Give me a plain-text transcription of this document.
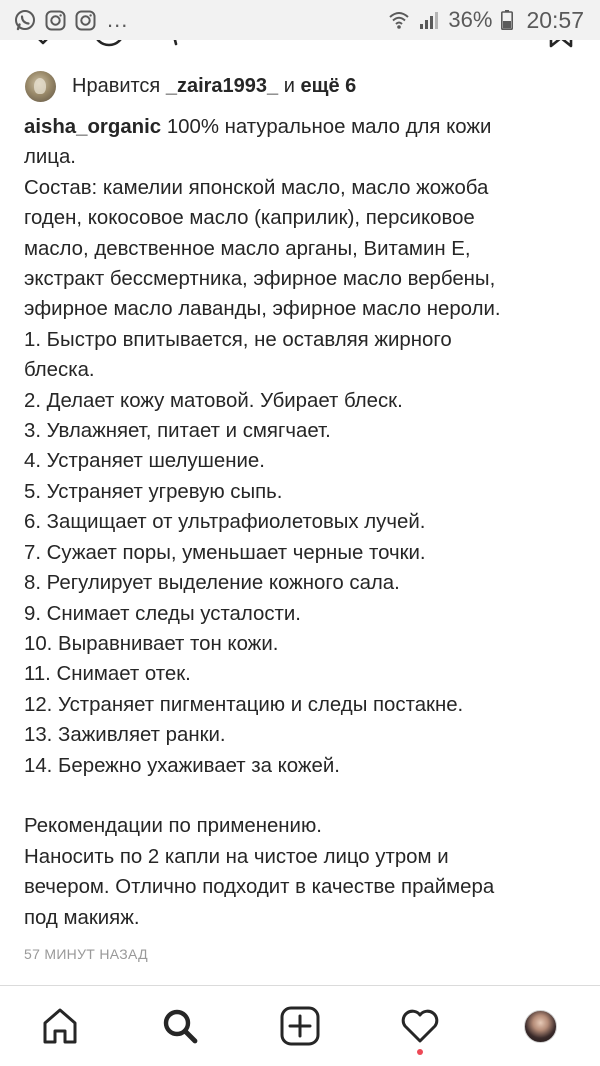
...	36% 20:57
Нравится
_zaira1993_
и
ещё 6
aisha_organic 100% натуральное мало для кожи
лица.
Состав: камелии японской масло, масло жожоба
годен, кокосовое масло (каприлик), персиковое
масло, девственное масло арганы, Витамин Е,
экстракт бессмертника, эфирное масло вербены,
эфирное масло лаванды, эфирное масло нероли.
1. Быстро впитывается, не оставляя жирного
блеска.
2. Делает кожу матовой. Убирает блеск.
3. Увлажняет, питает и смягчает.
4. Устраняет шелушение.
5. Устраняет угревую сыпь.
6. Защищает от ультрафиолетовых лучей.
7. Сужает поры, уменьшает черные точки.
8. Регулирует выделение кожного сала.
9. Снимает следы усталости.
10. Выравнивает тон кожи.
11. Снимает отек.
12. Устраняет пигментацию и следы постакне.
13. Заживляет ранки.
14. Бережно ухаживает за кожей.
Рекомендации по применению.
Наносить по 2 капли на чистое лицо утром и
вечером. Отлично подходит в качестве праймера
под макияж.
57 МИНУТ НАЗАД
